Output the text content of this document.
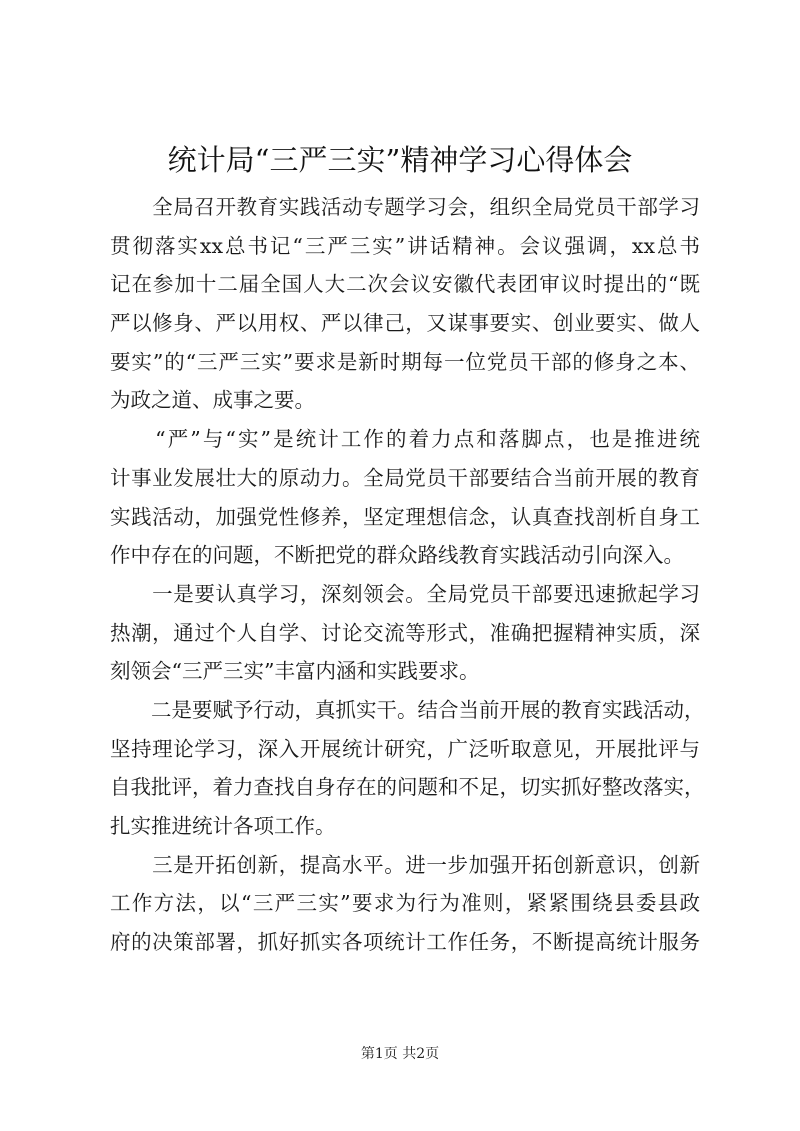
统计局“三严三实”精神学习心得体会
　　全局召开教育实践活动专题学习会，组织全局党员干部学习
贯彻落实xx总书记“三严三实”讲话精神。会议强调，xx总书
记在参加十二届全国人大二次会议安徽代表团审议时提出的“既
严以修身、严以用权、严以律己，又谋事要实、创业要实、做人
要实”的“三严三实”要求是新时期每一位党员干部的修身之本、
为政之道、成事之要。
　　“严”与“实”是统计工作的着力点和落脚点，也是推进统
计事业发展壮大的原动力。全局党员干部要结合当前开展的教育
实践活动，加强党性修养，坚定理想信念，认真查找剖析自身工
作中存在的问题，不断把党的群众路线教育实践活动引向深入。
　　一是要认真学习，深刻领会。全局党员干部要迅速掀起学习
热潮，通过个人自学、讨论交流等形式，准确把握精神实质，深
刻领会“三严三实”丰富内涵和实践要求。
　　二是要赋予行动，真抓实干。结合当前开展的教育实践活动，
坚持理论学习，深入开展统计研究，广泛听取意见，开展批评与
自我批评，着力查找自身存在的问题和不足，切实抓好整改落实，
扎实推进统计各项工作。
　　三是开拓创新，提高水平。进一步加强开拓创新意识，创新
工作方法，以“三严三实”要求为行为准则，紧紧围绕县委县政
府的决策部署，抓好抓实各项统计工作任务，不断提高统计服务
第1页 共2页
